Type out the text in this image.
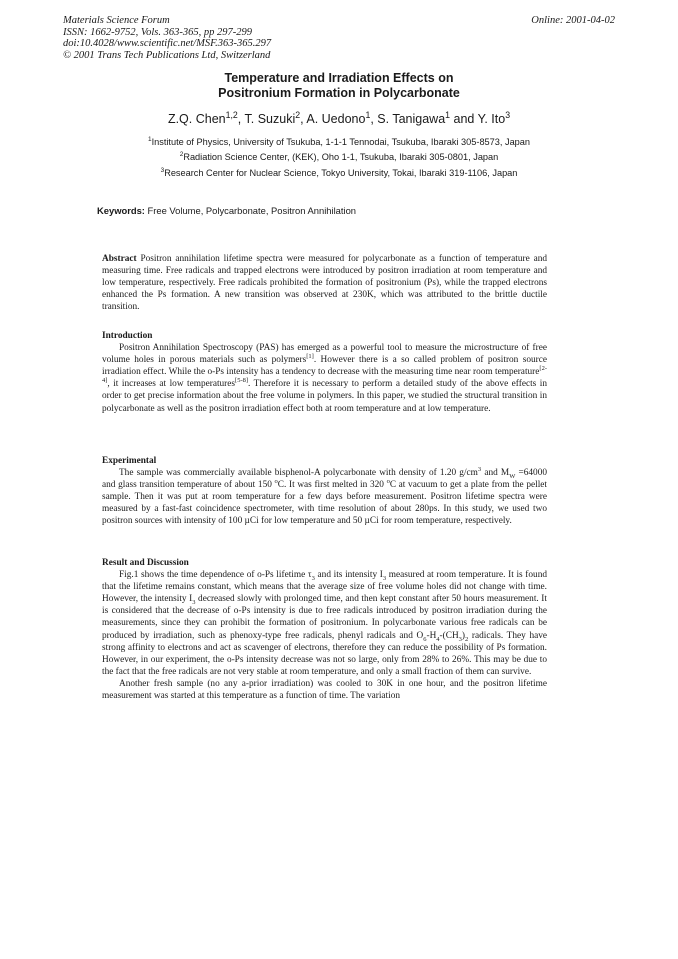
Materials Science Forum
ISSN: 1662-9752, Vols. 363-365, pp 297-299
doi:10.4028/www.scientific.net/MSF.363-365.297
© 2001 Trans Tech Publications Ltd, Switzerland
Online: 2001-04-02
Temperature and Irradiation Effects on
Positronium Formation in Polycarbonate
Z.Q. Chen$^{1,2}$, T. Suzuki$^2$, A. Uedono$^1$, S. Tanigawa$^1$ and Y. Ito$^3$
$^1$Institute of Physics, University of Tsukuba, 1-1-1 Tennodai, Tsukuba, Ibaraki 305-8573, Japan
$^2$Radiation Science Center, (KEK), Oho 1-1, Tsukuba, Ibaraki 305-0801, Japan
$^3$Research Center for Nuclear Science, Tokyo University, Tokai, Ibaraki 319-1106, Japan
Keywords: Free Volume, Polycarbonate, Positron Annihilation

Abstract Positron annihilation lifetime spectra were measured for polycarbonate as a function of temperature and measuring time. Free radicals and trapped electrons were introduced by positron irradiation at room temperature and low temperature, respectively. Free radicals prohibited the formation of positronium (Ps), while the trapped electrons enhanced the Ps formation. A new transition was observed at 230K, which was attributed to the brittle ductile transition.

Introduction

Positron Annihilation Spectroscopy (PAS) has emerged as a powerful tool to measure the microstructure of free volume holes in porous materials such as polymers[1]. However there is a so called problem of positron source irradiation effect. While the o-Ps intensity has a tendency to decrease with the measuring time near room temperature[2-4], it increases at low temperatures[5-8]. Therefore it is necessary to perform a detailed study of the above effects in order to get precise information about the free volume in polymers. In this paper, we studied the structural transition in polycarbonate as well as the positron irradiation effect both at room temperature and at low temperature.

Experimental

The sample was commercially available bisphenol-A polycarbonate with density of 1.20 $g/cm^3$ and $M_W =64000$ and glass transition temperature of about 150 $^o$C. It was first melted in 320 $^o$C at vacuum to get a plate from the pellet sample. Then it was put at room temperature for a few days before measurement. Positron lifetime spectra were measured by a fast-fast coincidence spectrometer, with time resolution of about 280ps. In this study, we used two positron sources with intensity of 100 µCi for low temperature and 50 µCi for room temperature, respectively.

Result and Discussion

Fig.1 shows the time dependence of o-Ps lifetime $\tau_3$ and its intensity $I_3$ measured at room temperature. It is found that the lifetime remains constant, which means that the average size of free volume holes did not change with time. However, the intensity $I_3$ decreased slowly with prolonged time, and then kept constant after 50 hours measurement. It is considered that the decrease of o-Ps intensity is due to free radicals introduced by positron irradiation during the measurements, since they can prohibit the formation of positronium. In polycarbonate various free radicals can be produced by irradiation, such as phenoxy-type free radicals, phenyl radicals and $O_6-H_4-(CH_3)_2$ radicals. They have strong affinity to electrons and act as scavenger of electrons, therefore they can reduce the possibility of Ps formation. However, in our experiment, the o-Ps intensity decrease was not so large, only from 28% to 26%. This may be due to the fact that the free radicals are not very stable at room temperature, and only a small fraction of them can survive.

Another fresh sample (no any a-prior irradiation) was cooled to 30K in one hour, and the positron lifetime measurement was started at this temperature as a function of time. The variation
